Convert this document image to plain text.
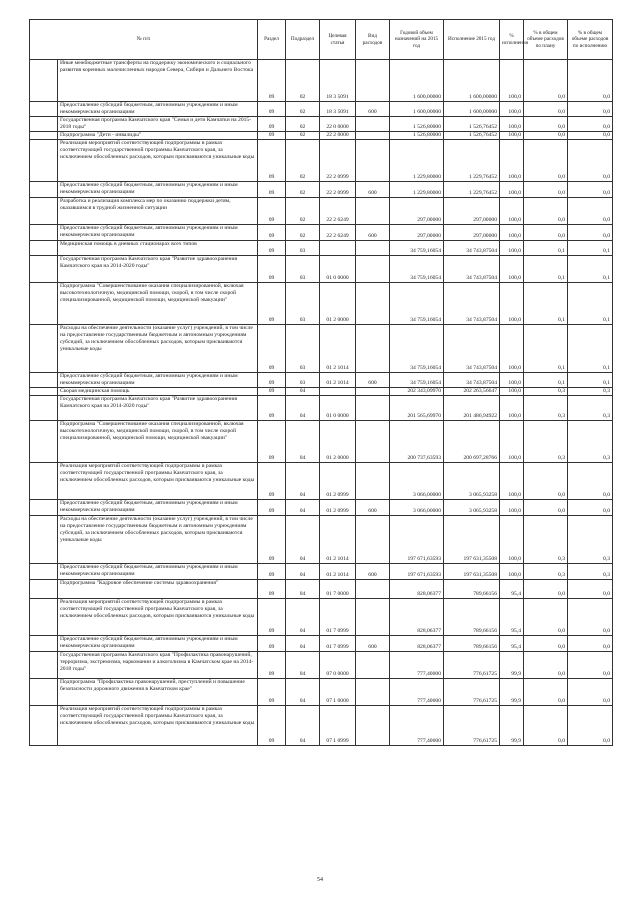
№ п/п		Раздел	Подраздел	Целевая статья	Вид расходов	Годовой объем назначений на 2015 год	Исполнение 2015 год	% исполнения	% в общем объеме расходов по плану	% в общем объеме расходов по исполнению
	Иные межбюджетные трансферты на поддержку экономического и социального развития коренных малочисленных народов Севера, Сибири и Дальнего Востока	09	02	18 3 5091		1 600,00000	1 600,00000	100,0	0,0	0,0
	Предоставление субсидий бюджетным, автономным учреждениям и иным некоммерческим организациям	09	02	18 3 5091	600	1 600,00000	1 600,00000	100,0	0,0	0,0
	Государственная программа Камчатского края "Семья и дети Камчатки на 2015-2018 годы"	09	02	22 0 0000		1 526,80000	1 526,76452	100,0	0,0	0,0
	Подпрограмма "Дети - инвалиды"	09	02	22 2 0000		1 526,80000	1 526,76452	100,0	0,0	0,0
	Реализация мероприятий соответствующей подпрограммы в рамках соответствующей государственной программы Камчатского края, за исключением обособленных расходов, которым присваиваются уникальные коды	09	02	22 2 0999		1 229,80000	1 229,76452	100,0	0,0	0,0
	Предоставление субсидий бюджетным, автономным учреждениям и иным некоммерческим организациям	09	02	22 2 0999	600	1 229,80000	1 229,76452	100,0	0,0	0,0
	Разработка и реализация комплекса мер по оказанию поддержки детям, оказавшимся в трудной жизненной ситуации	09	02	22 2 6249		297,00000	297,00000	100,0	0,0	0,0
	Предоставление субсидий бюджетным, автономным учреждениям и иным некоммерческим организациям	09	02	22 2 6249	600	297,00000	297,00000	100,0	0,0	0,0
	Медицинская помощь в дневных стационарах всех типов	09	03			34 759,16054	34 743,87504	100,0	0,1	0,1
	Государственная программа Камчатского края "Развитие здравоохранения Камчатского края на 2014-2020 годы"	09	03	01 0 0000		34 759,16054	34 743,87504	100,0	0,1	0,1
	Подпрограмма "Совершенствование оказания специализированной, включая высокотехнологичную, медицинской помощи, скорой, в том числе скорой специализированной, медицинской помощи, медицинской эвакуации"	09	03	01 2 0000		34 759,16054	34 743,87504	100,0	0,1	0,1
	Расходы на обеспечение деятельности (оказание услуг) учреждений, в том числе на предоставление государственным бюджетным и автономным учреждениям субсидий, за исключением обособленных расходов, которым присваиваются уникальные коды	09	03	01 2 1014		34 759,16054	34 743,87504	100,0	0,1	0,1
	Предоставление субсидий бюджетным, автономным учреждениям и иным некоммерческим организациям	09	03	01 2 1014	600	34 759,16054	34 743,87504	100,0	0,1	0,1
	Скорая медицинская помощь	09	04			202 343,09970	202 263,56647	100,0	0,3	0,3
	Государственная программа Камчатского края "Развитие здравоохранения Камчатского края на 2014-2020 годы"	09	04	01 0 0000		201 565,69970	201 486,94922	100,0	0,3	0,3
	Подпрограмма "Совершенствование оказания специализированной, включая высокотехнологичную, медицинской помощи, скорой, в том числе скорой специализированной, медицинской помощи, медицинской эвакуации"	09	04	01 2 0000		200 737,63593	200 697,28766	100,0	0,3	0,3
	Реализация мероприятий соответствующей подпрограммы в рамках соответствующей государственной программы Камчатского края, за исключением обособленных расходов, которым присваиваются уникальные коды	09	04	01 2 0999		3 066,00000	3 065,93258	100,0	0,0	0,0
	Предоставление субсидий бюджетным, автономным учреждениям и иным некоммерческим организациям	09	04	01 2 0999	600	3 066,00000	3 065,93258	100,0	0,0	0,0
	Расходы на обеспечение деятельности (оказание услуг) учреждений, в том числе на предоставление государственным бюджетным и автономным учреждениям субсидий, за исключением обособленных расходов, которым присваиваются уникальные коды	09	04	01 2 1014		197 671,63593	197 631,35508	100,0	0,3	0,3
	Предоставление субсидий бюджетным, автономным учреждениям и иным некоммерческим организациям	09	04	01 2 1014	600	197 671,63593	197 631,35508	100,0	0,3	0,3
	Подпрограмма "Кадровое обеспечение системы здравоохранения"	09	04	01 7 0000		828,06377	789,66156	95,4	0,0	0,0
	Реализация мероприятий соответствующей подпрограммы в рамках соответствующей государственной программы Камчатского края, за исключением обособленных расходов, которым присваиваются уникальные коды	09	04	01 7 0999		828,06377	789,66156	95,4	0,0	0,0
	Предоставление субсидий бюджетным, автономным учреждениям и иным некоммерческим организациям	09	04	01 7 0999	600	828,06377	789,66156	95,4	0,0	0,0
	Государственная программа Камчатского края "Профилактика правонарушений, терроризма, экстремизма, наркомании и алкоголизма в Камчатском крае на 2014-2018 годы"	09	04	07 0 0000		777,40000	776,61725	99,9	0,0	0,0
	Подпрограмма "Профилактика правонарушений, преступлений и повышение безопасности дорожного движения в Камчатском крае"	09	04	07 1 0000		777,40000	776,61725	99,9	0,0	0,0
	Реализация мероприятий соответствующей подпрограммы в рамках соответствующей государственной программы Камчатского края, за исключением обособленных расходов, которым присваиваются уникальные коды	09	04	07 1 0999		777,40000	776,61725	99,9	0,0	0,0
54
